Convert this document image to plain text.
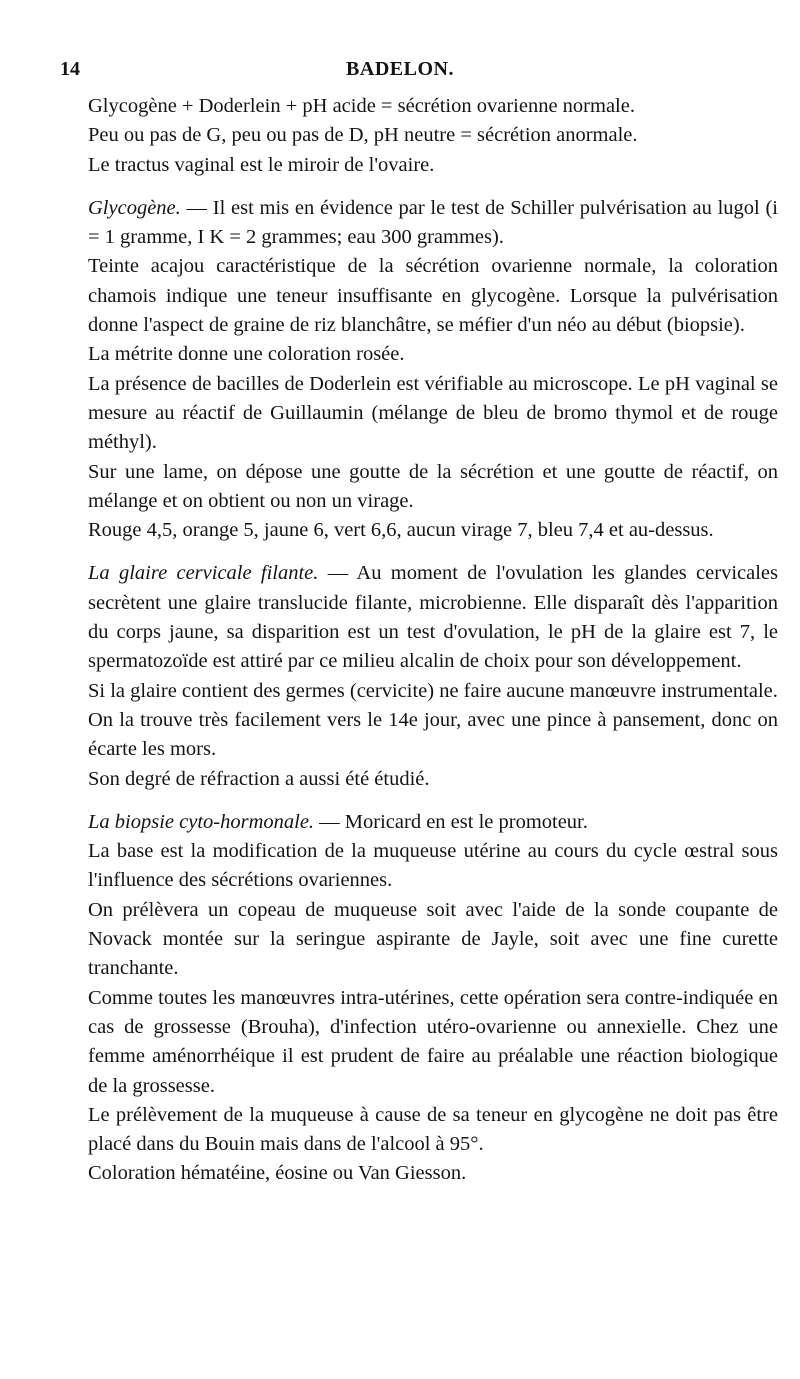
14	BADELON.

Glycogène + Doderlein + pH acide = sécrétion ovarienne normale.

Peu ou pas de G, peu ou pas de D, pH neutre = sécrétion anormale.

Le tractus vaginal est le miroir de l'ovaire.

Glycogène. — Il est mis en évidence par le test de Schiller pulvérisation au lugol (i = 1 gramme, I K = 2 grammes; eau 300 grammes).

Teinte acajou caractéristique de la sécrétion ovarienne normale, la coloration chamois indique une teneur insuffisante en glycogène. Lorsque la pulvérisation donne l'aspect de graine de riz blanchâtre, se méfier d'un néo au début (biopsie).

La métrite donne une coloration rosée.

La présence de bacilles de Doderlein est vérifiable au microscope. Le pH vaginal se mesure au réactif de Guillaumin (mélange de bleu de bromo thymol et de rouge méthyl).

Sur une lame, on dépose une goutte de la sécrétion et une goutte de réactif, on mélange et on obtient ou non un virage.

Rouge 4,5, orange 5, jaune 6, vert 6,6, aucun virage 7, bleu 7,4 et au-dessus.

La glaire cervicale filante. — Au moment de l'ovulation les glandes cervicales secrètent une glaire translucide filante, microbienne. Elle disparaît dès l'apparition du corps jaune, sa disparition est un test d'ovulation, le pH de la glaire est 7, le spermatozoïde est attiré par ce milieu alcalin de choix pour son développement.

Si la glaire contient des germes (cervicite) ne faire aucune manœuvre instrumentale.

On la trouve très facilement vers le 14e jour, avec une pince à pansement, donc on écarte les mors.

Son degré de réfraction a aussi été étudié.

La biopsie cyto-hormonale. — Moricard en est le promoteur.

La base est la modification de la muqueuse utérine au cours du cycle œstral sous l'influence des sécrétions ovariennes.

On prélèvera un copeau de muqueuse soit avec l'aide de la sonde coupante de Novack montée sur la seringue aspirante de Jayle, soit avec une fine curette tranchante.

Comme toutes les manœuvres intra-utérines, cette opération sera contre-indiquée en cas de grossesse (Brouha), d'infection utéro-ovarienne ou annexielle. Chez une femme aménorrhéique il est prudent de faire au préalable une réaction biologique de la grossesse.

Le prélèvement de la muqueuse à cause de sa teneur en glycogène ne doit pas être placé dans du Bouin mais dans de l'alcool à 95°.

Coloration hématéine, éosine ou Van Giesson.
